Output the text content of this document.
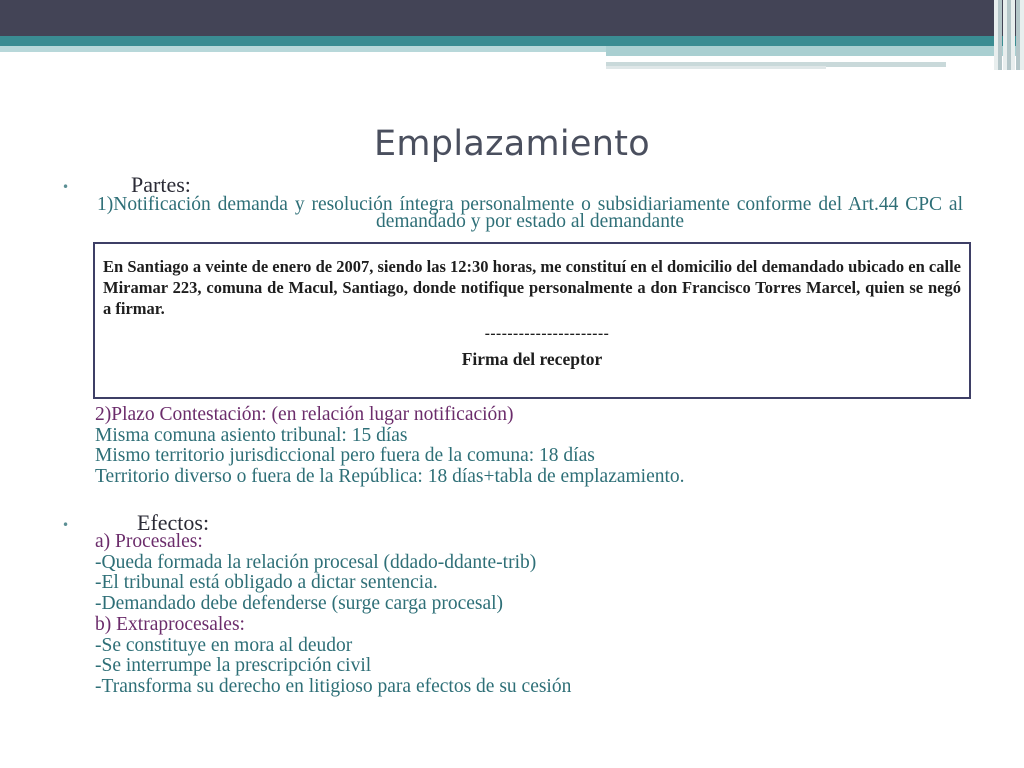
Emplazamiento
•	Partes:
1)Notificación demanda y resolución íntegra personalmente o subsidiariamente conforme del Art.44 CPC al demandado y por estado al demandante
En Santiago a veinte de enero de 2007, siendo las 12:30 horas, me constituí en el domicilio del demandado ubicado en calle Miramar 223, comuna de Macul, Santiago, donde notifique personalmente a don Francisco Torres Marcel, quien se negó a firmar.
----------------------
Firma del receptor
2)Plazo Contestación: (en relación lugar notificación)
Misma comuna asiento tribunal: 15 días
Mismo territorio jurisdiccional pero fuera de la comuna: 18 días
Territorio diverso o fuera de la República: 18 días+tabla de emplazamiento.
•	Efectos:
a) Procesales:
-Queda formada la relación procesal (ddado-ddante-trib)
-El tribunal está obligado a dictar sentencia.
-Demandado debe defenderse (surge carga procesal)
b) Extraprocesales:
-Se constituye en mora al deudor
-Se interrumpe la prescripción civil
-Transforma su derecho en litigioso para efectos de su cesión
